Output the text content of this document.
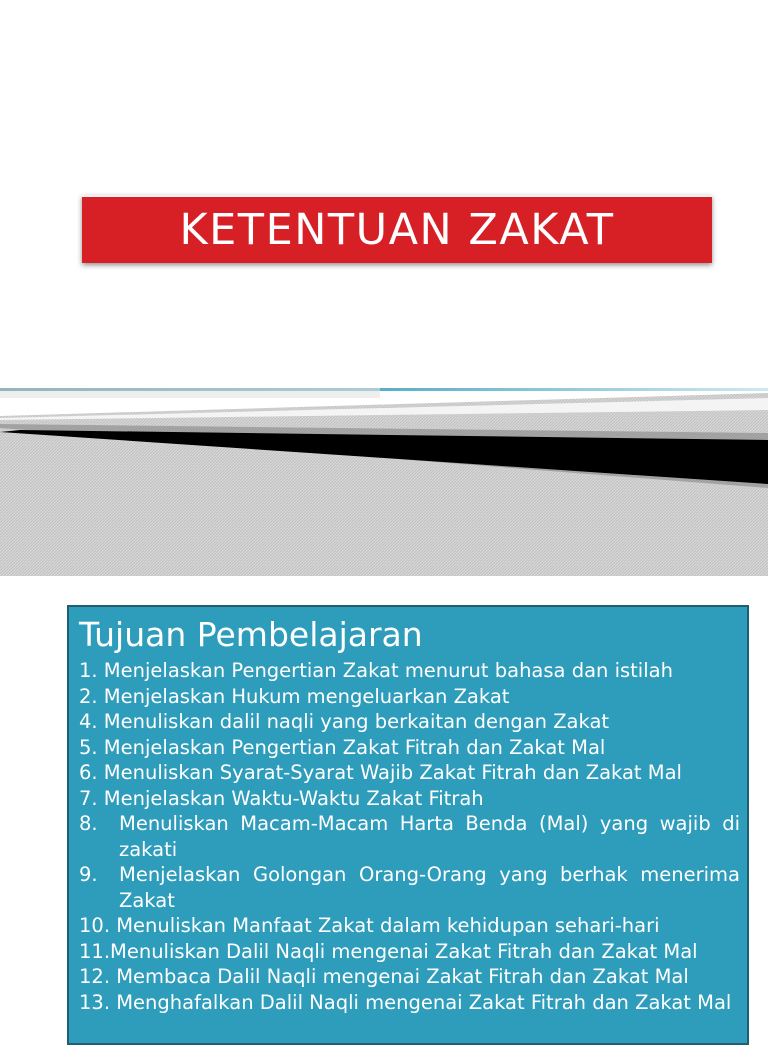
KETENTUAN ZAKAT
Tujuan Pembelajaran
1. Menjelaskan Pengertian Zakat menurut bahasa dan istilah
2. Menjelaskan Hukum mengeluarkan Zakat
4. Menuliskan dalil naqli yang berkaitan dengan Zakat
5. Menjelaskan Pengertian Zakat Fitrah dan Zakat Mal
6. Menuliskan Syarat-Syarat Wajib Zakat Fitrah dan Zakat Mal
7. Menjelaskan Waktu-Waktu Zakat Fitrah
8.	Menuliskan Macam-Macam Harta Benda (Mal) yang wajib di zakati
9.	Menjelaskan Golongan Orang-Orang yang berhak menerima Zakat
10. Menuliskan Manfaat Zakat dalam kehidupan sehari-hari
11.Menuliskan Dalil Naqli mengenai Zakat Fitrah dan Zakat Mal
12. Membaca Dalil Naqli mengenai Zakat Fitrah dan Zakat Mal
13. Menghafalkan Dalil Naqli mengenai Zakat Fitrah dan Zakat Mal
